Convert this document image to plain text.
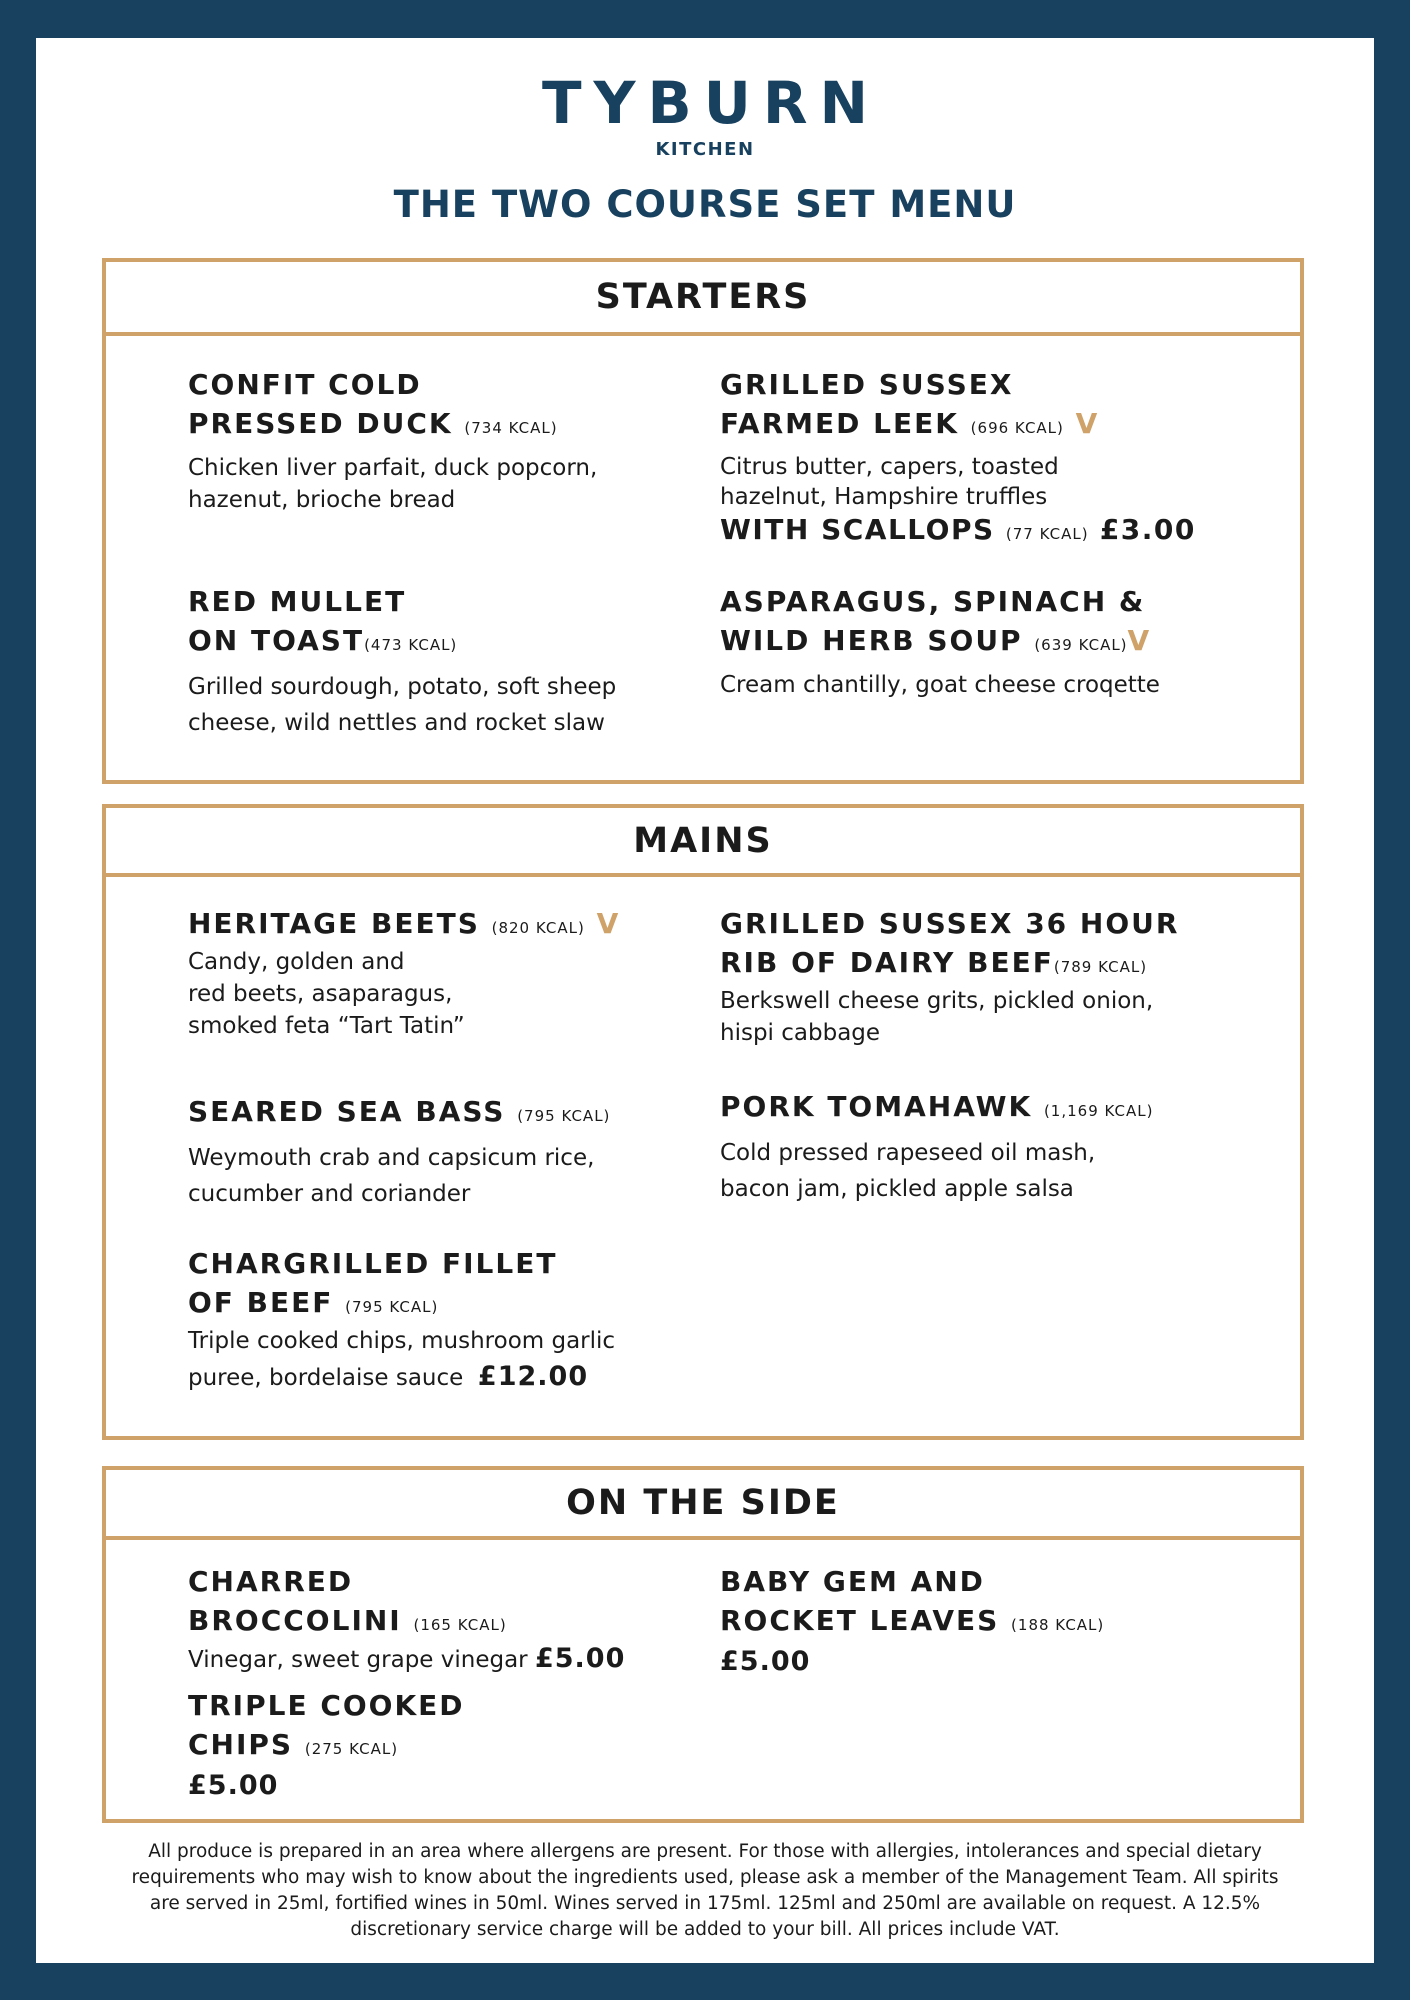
TYBURN
KITCHEN
THE TWO COURSE SET MENU
STARTERS
CONFIT COLD
PRESSED DUCK (734 KCAL)
Chicken liver parfait, duck popcorn,
hazenut, brioche bread
GRILLED SUSSEX
FARMED LEEK (696 KCAL) V
Citrus butter, capers, toasted
hazelnut, Hampshire truffles
WITH SCALLOPS (77 KCAL) £3.00
RED MULLET
ON TOAST(473 KCAL)
Grilled sourdough, potato, soft sheep
cheese, wild nettles and rocket slaw
ASPARAGUS, SPINACH &
WILD HERB SOUP (639 KCAL)V
Cream chantilly, goat cheese croqette
MAINS
HERITAGE BEETS (820 KCAL) V
Candy, golden and
red beets, asaparagus,
smoked feta “Tart Tatin”
GRILLED SUSSEX 36 HOUR
RIB OF DAIRY BEEF(789 KCAL)
Berkswell cheese grits, pickled onion,
hispi cabbage
SEARED SEA BASS (795 KCAL)
Weymouth crab and capsicum rice,
cucumber and coriander
PORK TOMAHAWK (1,169 KCAL)
Cold pressed rapeseed oil mash,
bacon jam, pickled apple salsa
CHARGRILLED FILLET
OF BEEF (795 KCAL)
Triple cooked chips, mushroom garlic
puree, bordelaise sauce £12.00
ON THE SIDE
CHARRED
BROCCOLINI (165 KCAL)
Vinegar, sweet grape vinegar £5.00
BABY GEM AND
ROCKET LEAVES (188 KCAL)
£5.00
TRIPLE COOKED
CHIPS (275 KCAL)
£5.00
All produce is prepared in an area where allergens are present. For those with allergies, intolerances and special dietary
requirements who may wish to know about the ingredients used, please ask a member of the Management Team. All spirits
are served in 25ml, fortified wines in 50ml. Wines served in 175ml. 125ml and 250ml are available on request. A 12.5%
discretionary service charge will be added to your bill. All prices include VAT.
